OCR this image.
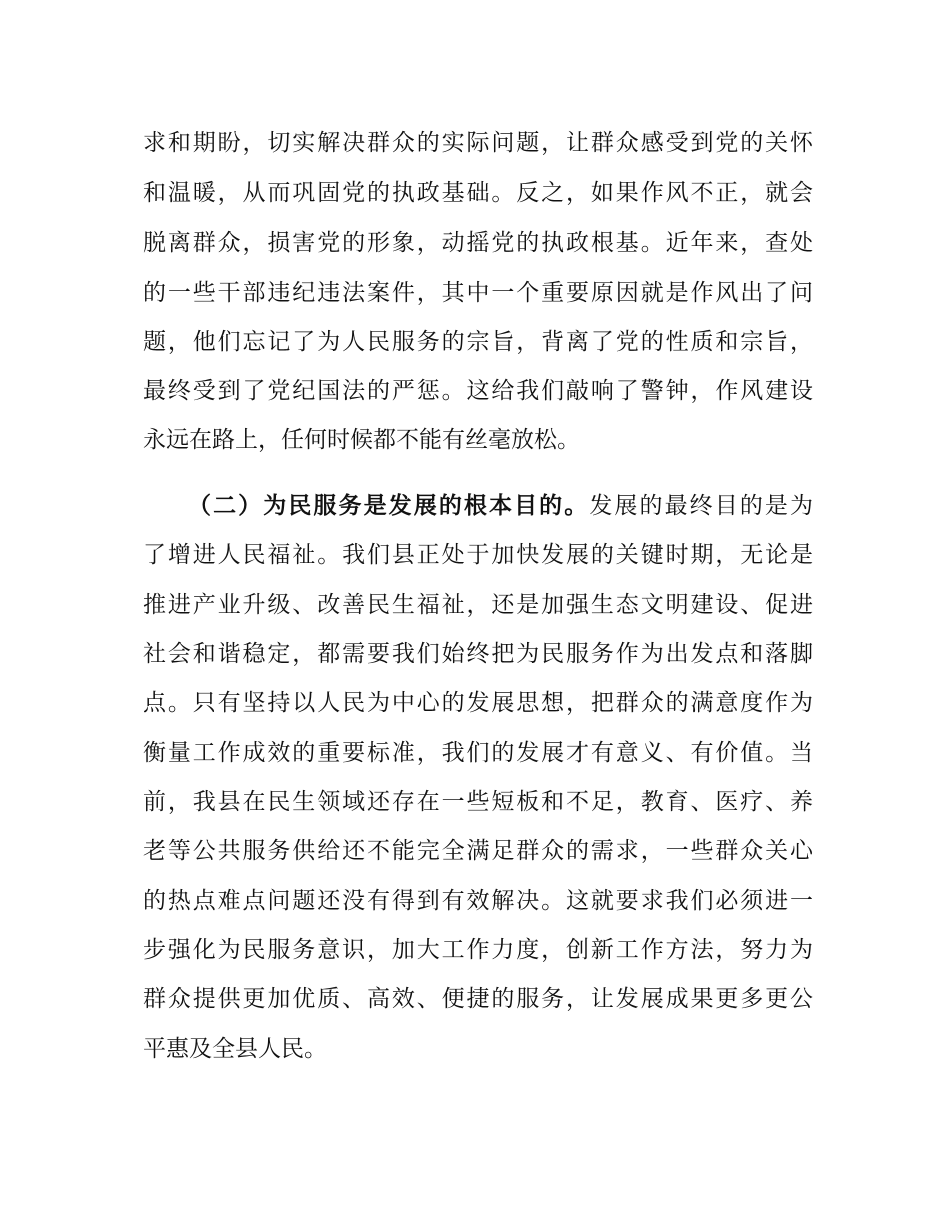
求和期盼，切实解决群众的实际问题，让群众感受到党的关怀
和温暖，从而巩固党的执政基础。反之，如果作风不正，就会
脱离群众，损害党的形象，动摇党的执政根基。近年来，查处
的一些干部违纪违法案件，其中一个重要原因就是作风出了问
题，他们忘记了为人民服务的宗旨，背离了党的性质和宗旨，
最终受到了党纪国法的严惩。这给我们敲响了警钟，作风建设
永远在路上，任何时候都不能有丝毫放松。
（二）为民服务是发展的根本目的。发展的最终目的是为
了增进人民福祉。我们县正处于加快发展的关键时期，无论是
推进产业升级、改善民生福祉，还是加强生态文明建设、促进
社会和谐稳定，都需要我们始终把为民服务作为出发点和落脚
点。只有坚持以人民为中心的发展思想，把群众的满意度作为
衡量工作成效的重要标准，我们的发展才有意义、有价值。当
前，我县在民生领域还存在一些短板和不足，教育、医疗、养
老等公共服务供给还不能完全满足群众的需求，一些群众关心
的热点难点问题还没有得到有效解决。这就要求我们必须进一
步强化为民服务意识，加大工作力度，创新工作方法，努力为
群众提供更加优质、高效、便捷的服务，让发展成果更多更公
平惠及全县人民。
